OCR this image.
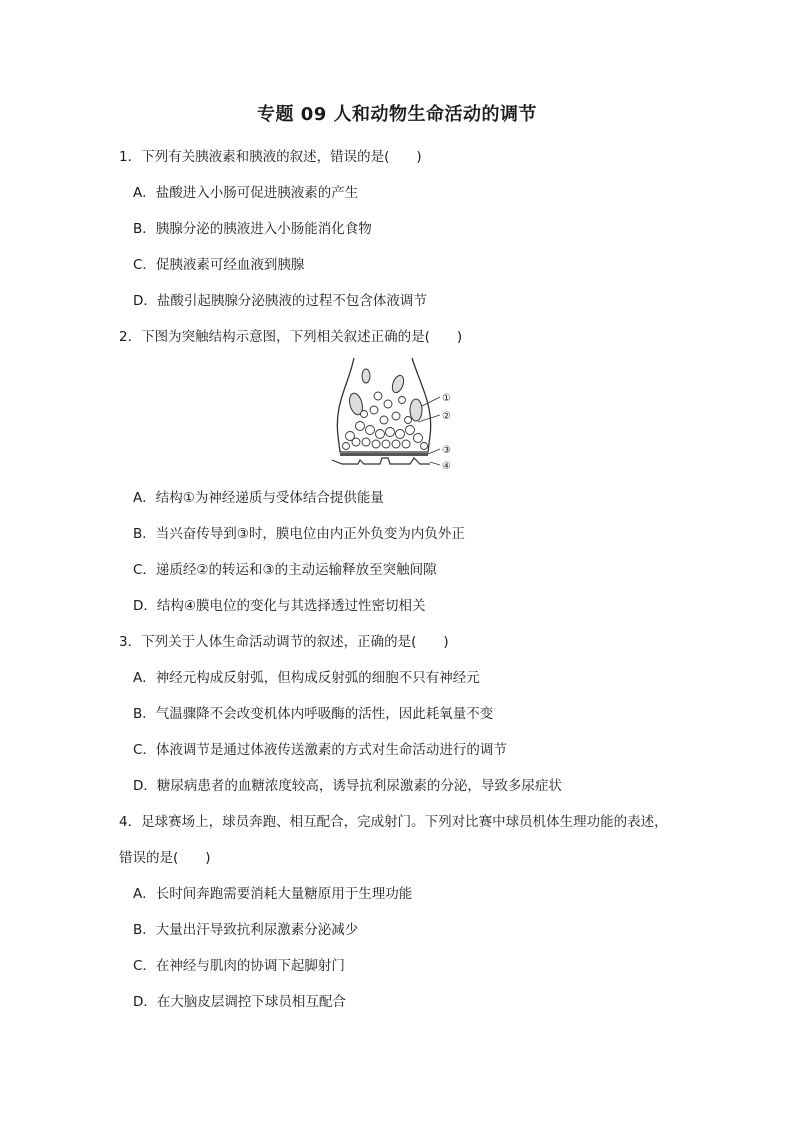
专题 09 人和动物生命活动的调节
1．下列有关胰液素和胰液的叙述，错误的是(　　)
A．盐酸进入小肠可促进胰液素的产生
B．胰腺分泌的胰液进入小肠能消化食物
C．促胰液素可经血液到胰腺
D．盐酸引起胰腺分泌胰液的过程不包含体液调节
2．下图为突触结构示意图，下列相关叙述正确的是(　　)
①
②
③
④
A．结构①为神经递质与受体结合提供能量
B．当兴奋传导到③时，膜电位由内正外负变为内负外正
C．递质经②的转运和③的主动运输释放至突触间隙
D．结构④膜电位的变化与其选择透过性密切相关
3．下列关于人体生命活动调节的叙述，正确的是(　　)
A．神经元构成反射弧，但构成反射弧的细胞不只有神经元
B．气温骤降不会改变机体内呼吸酶的活性，因此耗氧量不变
C．体液调节是通过体液传送激素的方式对生命活动进行的调节
D．糖尿病患者的血糖浓度较高，诱导抗利尿激素的分泌，导致多尿症状
4．足球赛场上，球员奔跑、相互配合，完成射门。下列对比赛中球员机体生理功能的表述，
错误的是(　　)
A．长时间奔跑需要消耗大量糖原用于生理功能
B．大量出汗导致抗利尿激素分泌减少
C．在神经与肌肉的协调下起脚射门
D．在大脑皮层调控下球员相互配合
